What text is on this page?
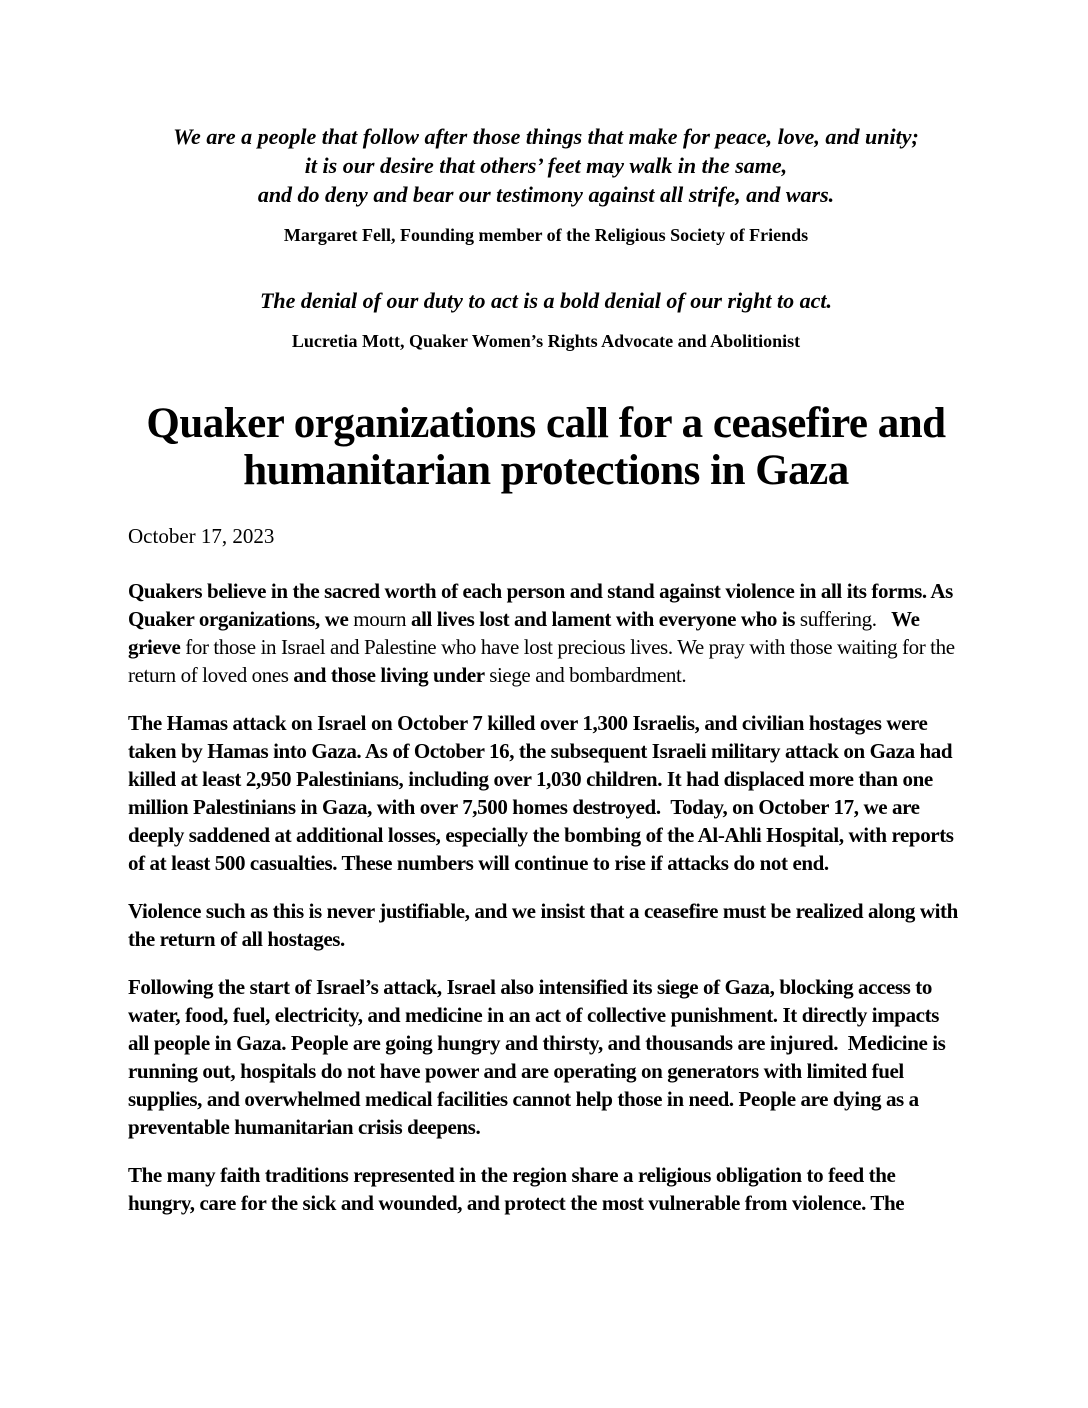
We are a people that follow after those things that make for peace, love, and unity;
it is our desire that others’ feet may walk in the same,
and do deny and bear our testimony against all strife, and wars.
Margaret Fell, Founding member of the Religious Society of Friends
The denial of our duty to act is a bold denial of our right to act.
Lucretia Mott, Quaker Women’s Rights Advocate and Abolitionist
Quaker organizations call for a ceasefire and humanitarian protections in Gaza
October 17, 2023

Quakers believe in the sacred worth of each person and stand against violence in all its forms. As Quaker organizations, we mourn all lives lost and lament with everyone who is suffering.   We grieve for those in Israel and Palestine who have lost precious lives. We pray with those waiting for the return of loved ones and those living under siege and bombardment.

The Hamas attack on Israel on October 7 killed over 1,300 Israelis, and civilian hostages were taken by Hamas into Gaza. As of October 16, the subsequent Israeli military attack on Gaza had killed at least 2,950 Palestinians, including over 1,030 children. It had displaced more than one million Palestinians in Gaza, with over 7,500 homes destroyed.  Today, on October 17, we are deeply saddened at additional losses, especially the bombing of the Al-Ahli Hospital, with reports of at least 500 casualties. These numbers will continue to rise if attacks do not end.

Violence such as this is never justifiable, and we insist that a ceasefire must be realized along with the return of all hostages.

Following the start of Israel’s attack, Israel also intensified its siege of Gaza, blocking access to water, food, fuel, electricity, and medicine in an act of collective punishment. It directly impacts all people in Gaza. People are going hungry and thirsty, and thousands are injured.  Medicine is running out, hospitals do not have power and are operating on generators with limited fuel supplies, and overwhelmed medical facilities cannot help those in need. People are dying as a preventable humanitarian crisis deepens.

The many faith traditions represented in the region share a religious obligation to feed the hungry, care for the sick and wounded, and protect the most vulnerable from violence. The
